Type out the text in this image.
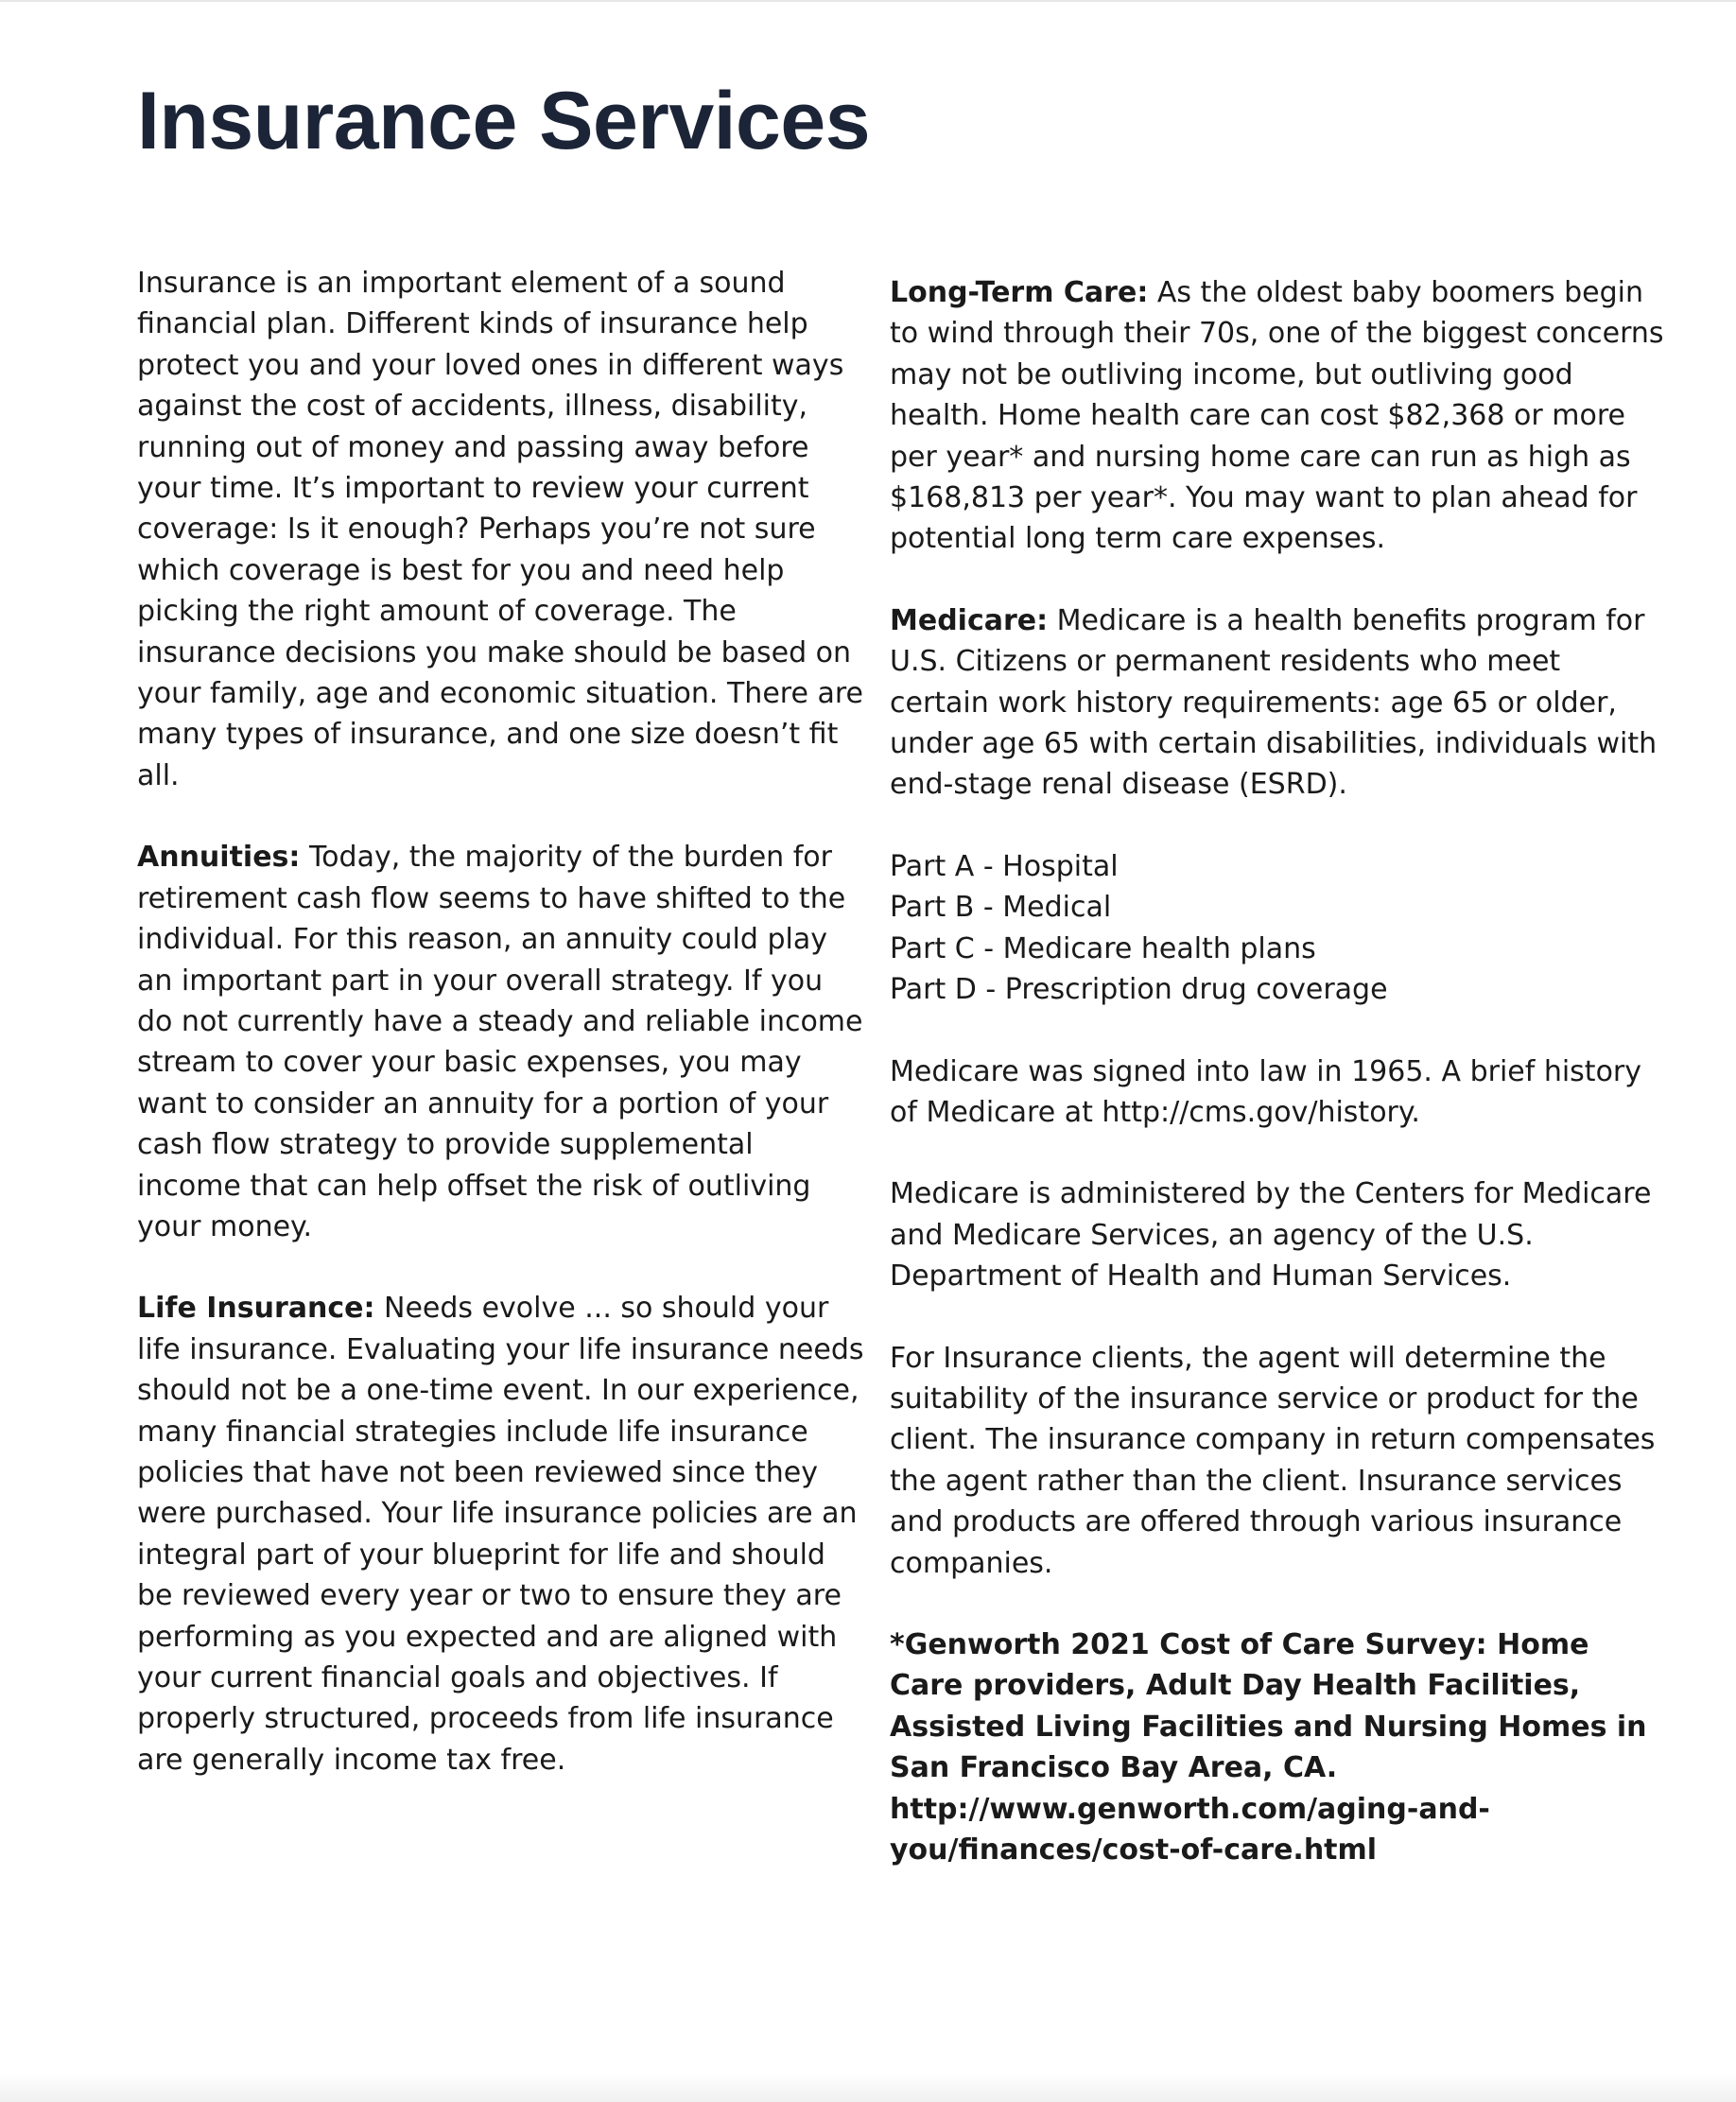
Insurance Services

Insurance is an important element of a sound financial plan. Different kinds of insurance help protect you and your loved ones in different ways against the cost of accidents, illness, disability, running out of money and passing away before your time. It’s important to review your current coverage: Is it enough? Perhaps you’re not sure which coverage is best for you and need help picking the right amount of coverage. The insurance decisions you make should be based on your family, age and economic situation. There are many types of insurance, and one size doesn’t fit all.

Annuities: Today, the majority of the burden for retirement cash flow seems to have shifted to the individual. For this reason, an annuity could play an important part in your overall strategy. If you do not currently have a steady and reliable income stream to cover your basic expenses, you may want to consider an annuity for a portion of your cash flow strategy to provide supplemental income that can help offset the risk of outliving your money.

Life Insurance: Needs evolve ... so should your life insurance. Evaluating your life insurance needs should not be a one-time event. In our experience, many financial strategies include life insurance policies that have not been reviewed since they were purchased. Your life insurance policies are an integral part of your blueprint for life and should be reviewed every year or two to ensure they are performing as you expected and are aligned with your current financial goals and objectives. If properly structured, proceeds from life insurance are generally income tax free.

Long-Term Care: As the oldest baby boomers begin to wind through their 70s, one of the biggest concerns may not be outliving income, but outliving good health. Home health care can cost $82,368 or more per year* and nursing home care can run as high as $168,813 per year*. You may want to plan ahead for potential long term care expenses.

Medicare: Medicare is a health benefits program for U.S. Citizens or permanent residents who meet certain work history requirements: age 65 or older, under age 65 with certain disabilities, individuals with end-stage renal disease (ESRD).

Part A - Hospital
Part B - Medical
Part C - Medicare health plans
Part D - Prescription drug coverage

Medicare was signed into law in 1965. A brief history of Medicare at http://cms.gov/history.

Medicare is administered by the Centers for Medicare and Medicare Services, an agency of the U.S. Department of Health and Human Services.

For Insurance clients, the agent will determine the suitability of the insurance service or product for the client. The insurance company in return compensates the agent rather than the client. Insurance services and products are offered through various insurance companies.

*Genworth 2021 Cost of Care Survey: Home Care providers, Adult Day Health Facilities, Assisted Living Facilities and Nursing Homes in San Francisco Bay Area, CA. http://www.genworth.com/aging-and-you/finances/cost-of-care.html
